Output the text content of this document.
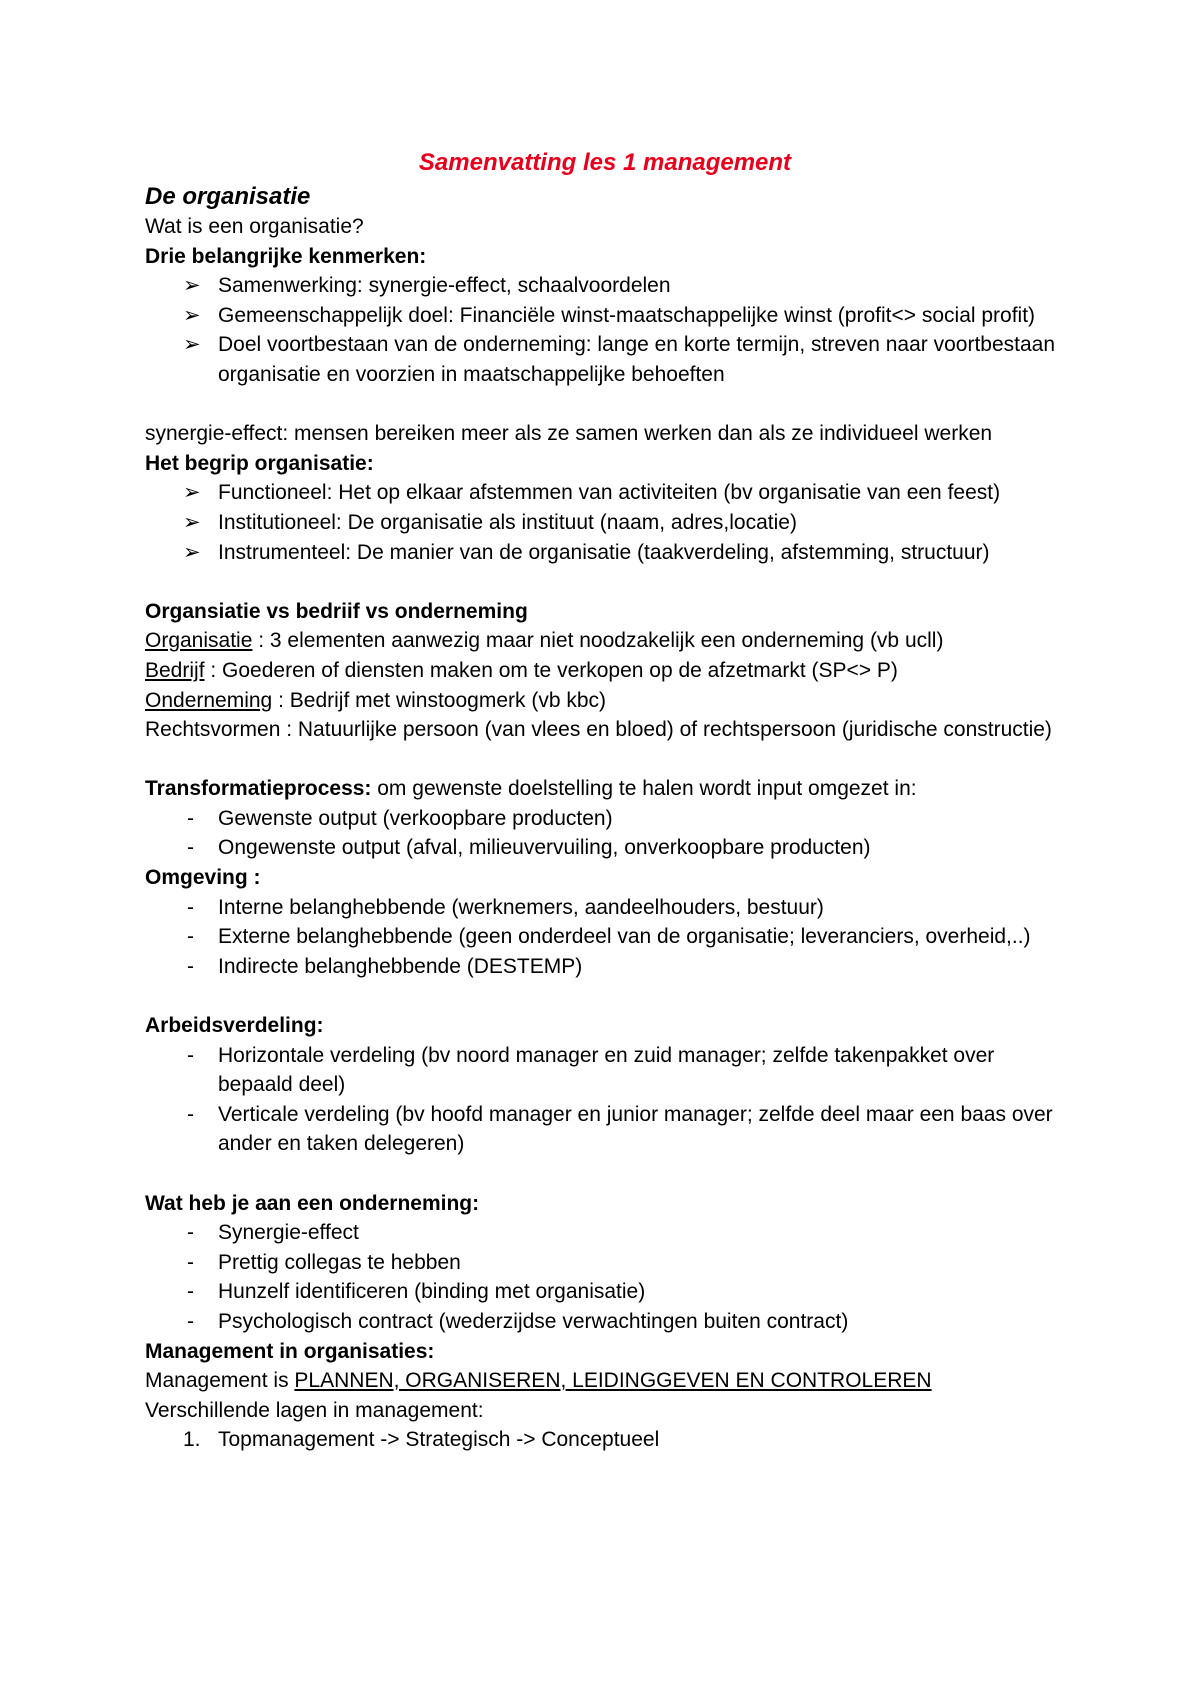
Samenvatting les 1 management

De organisatie

Wat is een organisatie?

Drie belangrijke kenmerken:

➢ Samenwerking: synergie-effect, schaalvoordelen
➢ Gemeenschappelijk doel: Financiële winst-maatschappelijke winst (profit<> social profit)
➢ Doel voortbestaan van de onderneming: lange en korte termijn, streven naar voortbestaan organisatie en voorzien in maatschappelijke behoeften

synergie-effect: mensen bereiken meer als ze samen werken dan als ze individueel werken

Het begrip organisatie:

➢ Functioneel: Het op elkaar afstemmen van activiteiten (bv organisatie van een feest)
➢ Institutioneel: De organisatie als instituut (naam, adres,locatie)
➢ Instrumenteel: De manier van de organisatie (taakverdeling, afstemming, structuur)

Organsiatie vs bedriif vs onderneming

Organisatie : 3 elementen aanwezig maar niet noodzakelijk een onderneming (vb ucll)

Bedrijf : Goederen of diensten maken om te verkopen op de afzetmarkt (SP<> P)

Onderneming : Bedrijf met winstoogmerk (vb kbc)

Rechtsvormen : Natuurlijke persoon (van vlees en bloed) of rechtspersoon (juridische constructie)

Transformatieprocess: om gewenste doelstelling te halen wordt input omgezet in:

- Gewenste output (verkoopbare producten)
- Ongewenste output (afval, milieuvervuiling, onverkoopbare producten)

Omgeving :

- Interne belanghebbende (werknemers, aandeelhouders, bestuur)
- Externe belanghebbende (geen onderdeel van de organisatie; leveranciers, overheid,..)
- Indirecte belanghebbende (DESTEMP)

Arbeidsverdeling:

- Horizontale verdeling (bv noord manager en zuid manager; zelfde takenpakket over bepaald deel)
- Verticale verdeling (bv hoofd manager en junior manager; zelfde deel maar een baas over ander en taken delegeren)

Wat heb je aan een onderneming:

- Synergie-effect
- Prettig collegas te hebben
- Hunzelf identificeren (binding met organisatie)
- Psychologisch contract (wederzijdse verwachtingen buiten contract)

Management in organisaties:

Management is PLANNEN, ORGANISEREN, LEIDINGGEVEN EN CONTROLEREN

Verschillende lagen in management:

1. Topmanagement -> Strategisch -> Conceptueel
